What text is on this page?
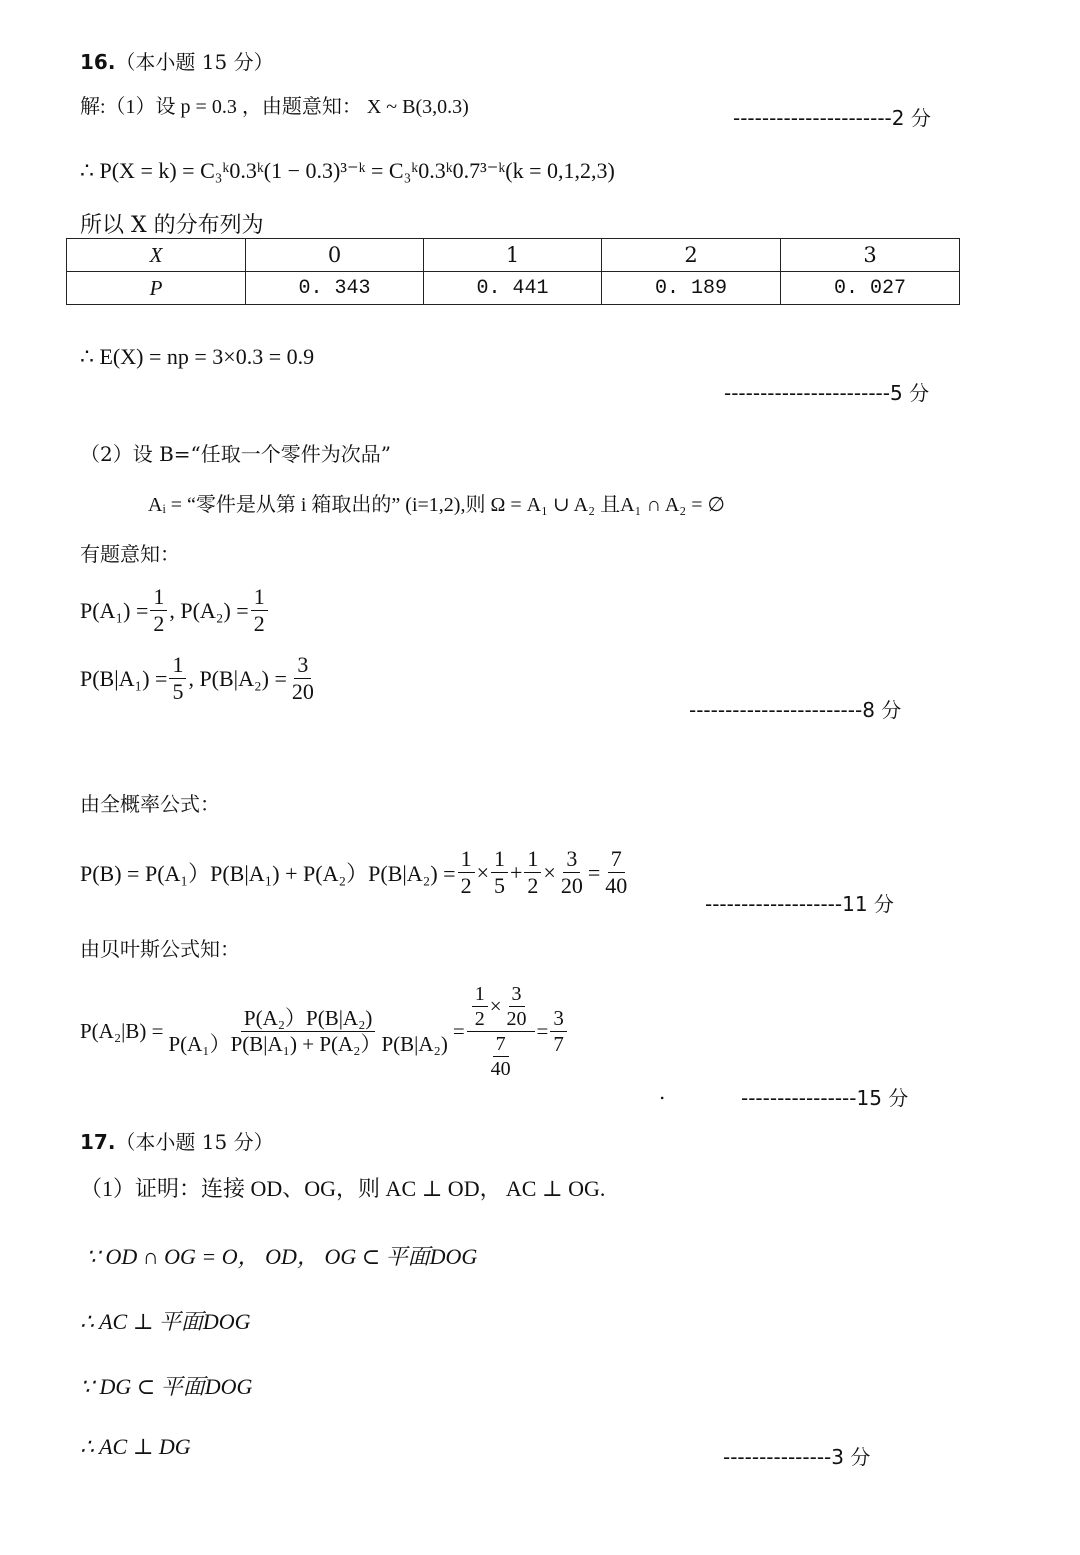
16.（本小题 15 分）
解:（1）设 p = 0.3 ，由题意知： X ~ B(3,0.3)	----------------------2 分
∴ P(X = k) = C₃ᵏ0.3ᵏ(1 − 0.3)³⁻ᵏ = C₃ᵏ0.3ᵏ0.7³⁻ᵏ(k = 0,1,2,3)
所以 X 的分布列为
X	0	1	2	3
P	0. 343	0. 441	0. 189	0. 027
∴ E(X) = np = 3×0.3 = 0.9
-----------------------5 分
（2）设 B=“任取一个零件为次品”
Aᵢ = “零件是从第 i 箱取出的” (i=1,2),则 Ω = A₁ ∪ A₂ 且A₁ ∩ A₂ = ∅
有题意知：
$P(A_1) = \frac{1}{2}$ , $P(A_2) = \frac{1}{2}$
$P(B|A_1) = \frac{1}{5}$ , $P(B|A_2) = \frac{3}{20}$
------------------------8 分
由全概率公式：
$P(B) = P(A_1)P(B|A_1) + P(A_2)P(B|A_2) = \frac{1}{2} \times \frac{1}{5} + \frac{1}{2} \times \frac{3}{20} = \frac{7}{40}$
-------------------11 分
由贝叶斯公式知：
$P(A_2|B) = \frac{\text{P(A₂）P(B|A₂)}}{\text{P(A₁）P(B|A₁) + P(A₂）P(B|A₂)}} = \frac{\frac{1}{2} \times \frac{3}{20}}{\frac{7}{40}} = \frac{3}{7}$
.	----------------15 分
17.（本小题 15 分）
（1）证明：连接 OD、OG，则 AC ⊥ OD， AC ⊥ OG.
∵ OD ∩ OG = O， OD， OG ⊂ 平面DOG
∴ AC ⊥ 平面DOG
∵ DG ⊂ 平面DOG
∴ AC ⊥ DG	---------------3 分
